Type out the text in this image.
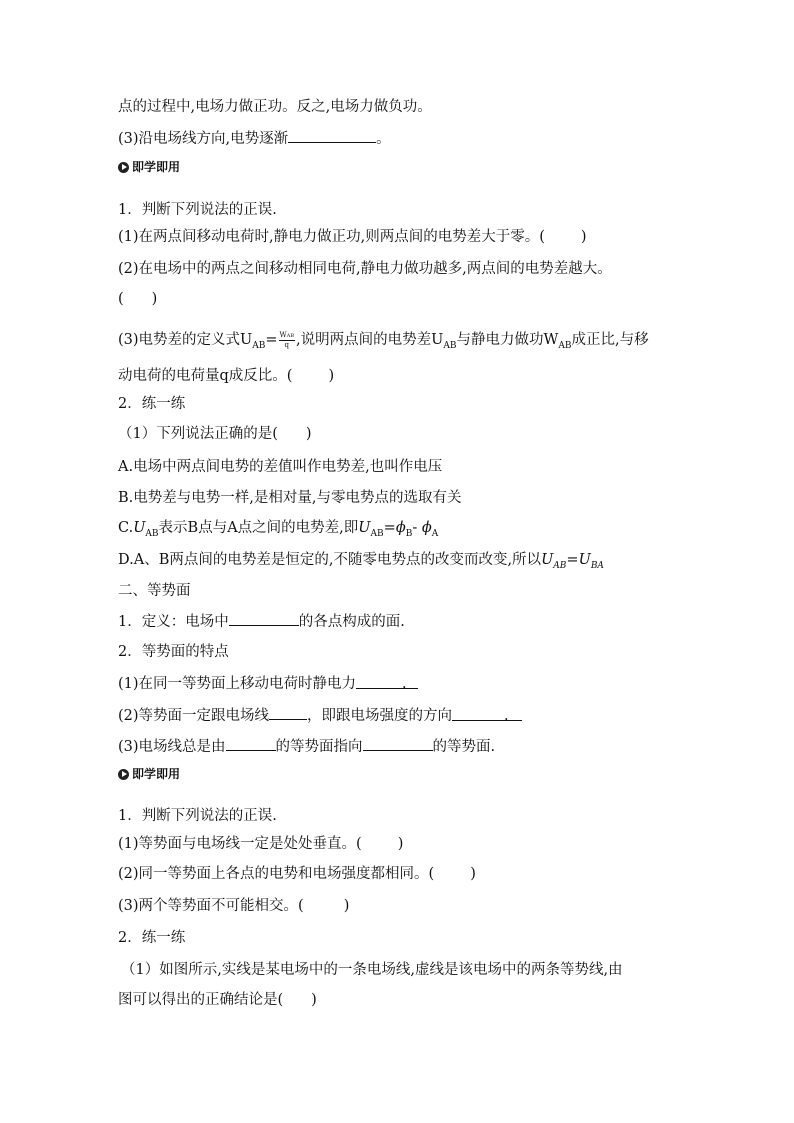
点的过程中,电场力做正功。反之,电场力做负功。
(3)沿电场线方向,电势逐渐	。
即学即用
1．判断下列说法的正误.
(1)在两点间移动电荷时,静电力做正功,则两点间的电势差大于零。( )
(2)在电场中的两点之间移动相同电荷,静电力做功越多,两点间的电势差越大。
( )
(3)电势差的定义式$U_{AB}= \frac{\text{WAB}}{q}$ ,说明两点间的电势差$U_{AB}$与静电力做功$W_{AB}$成正比,与移
动电荷的电荷量q成反比。( )
2．练一练
（1）下列说法正确的是( )
A.电场中两点间电势的差值叫作电势差,也叫作电压
B.电势差与电势一样,是相对量,与零电势点的选取有关
$C.U_{AB}$表示B点与A点之间的电势差,即$U_{AB}=\phi_B-$ $\phi_A$
D.A、B两点间的电势差是恒定的,不随零电势点的改变而改变,所以$U_{AB}=U_{BA}$
二、等势面
1．定义：电场中	的各点构成的面.
2．等势面的特点
(1)在同一等势面上移动电荷时静电力	.
(2)等势面一定跟电场线	，即跟电场强度的方向	.
(3)电场线总是由	的等势面指向	的等势面.
即学即用
1．判断下列说法的正误.
(1)等势面与电场线一定是处处垂直。( )
(2)同一等势面上各点的电势和电场强度都相同。( )
(3)两个等势面不可能相交。(	)
2．练一练
（1）如图所示,实线是某电场中的一条电场线,虚线是该电场中的两条等势线,由
图可以得出的正确结论是( )
